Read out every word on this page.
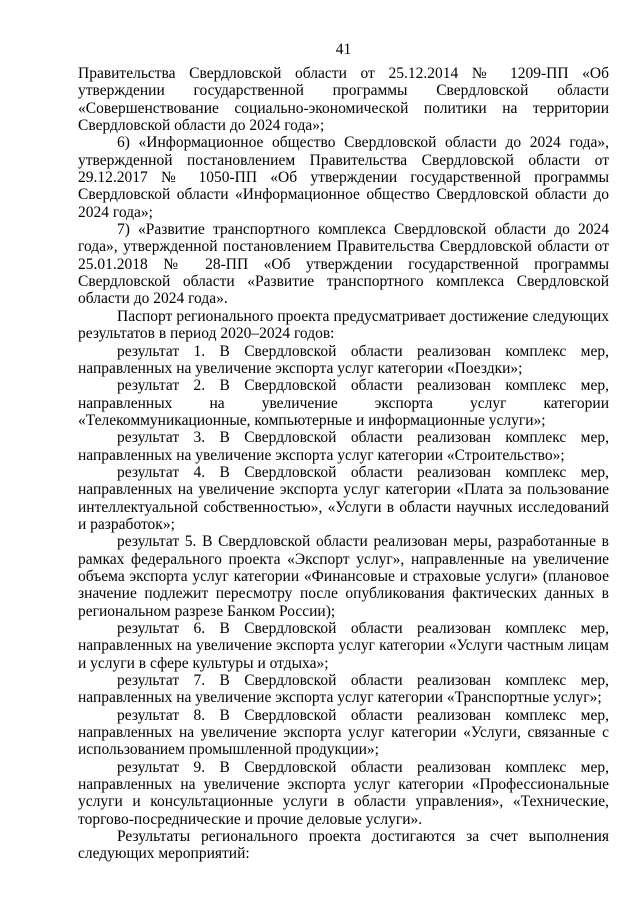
41

Правительства Свердловской области от 25.12.2014 № 1209-ПП «Об утверждении государственной программы Свердловской области «Совершенствование социально-экономической политики на территории Свердловской области до 2024 года»;

6) «Информационное общество Свердловской области до 2024 года», утвержденной постановлением Правительства Свердловской области от 29.12.2017 № 1050-ПП «Об утверждении государственной программы Свердловской области «Информационное общество Свердловской области до 2024 года»;

7) «Развитие транспортного комплекса Свердловской области до 2024 года», утвержденной постановлением Правительства Свердловской области от 25.01.2018 № 28-ПП «Об утверждении государственной программы Свердловской области «Развитие транспортного комплекса Свердловской области до 2024 года».

Паспорт регионального проекта предусматривает достижение следующих результатов в период 2020–2024 годов:

результат 1. В Свердловской области реализован комплекс мер, направленных на увеличение экспорта услуг категории «Поездки»;

результат 2. В Свердловской области реализован комплекс мер, направленных на увеличение экспорта услуг категории «Телекоммуникационные, компьютерные и информационные услуги»;

результат 3. В Свердловской области реализован комплекс мер, направленных на увеличение экспорта услуг категории «Строительство»;

результат 4. В Свердловской области реализован комплекс мер, направленных на увеличение экспорта услуг категории «Плата за пользование интеллектуальной собственностью», «Услуги в области научных исследований и разработок»;

результат 5. В Свердловской области реализован меры, разработанные в рамках федерального проекта «Экспорт услуг», направленные на увеличение объема экспорта услуг категории «Финансовые и страховые услуги» (плановое значение подлежит пересмотру после опубликования фактических данных в региональном разрезе Банком России);

результат 6. В Свердловской области реализован комплекс мер, направленных на увеличение экспорта услуг категории «Услуги частным лицам и услуги в сфере культуры и отдыха»;

результат 7. В Свердловской области реализован комплекс мер, направленных на увеличение экспорта услуг категории «Транспортные услуг»;

результат 8. В Свердловской области реализован комплекс мер, направленных на увеличение экспорта услуг категории «Услуги, связанные с использованием промышленной продукции»;

результат 9. В Свердловской области реализован комплекс мер, направленных на увеличение экспорта услуг категории «Профессиональные услуги и консультационные услуги в области управления», «Технические, торгово-посреднические и прочие деловые услуги».

Результаты регионального проекта достигаются за счет выполнения следующих мероприятий:
